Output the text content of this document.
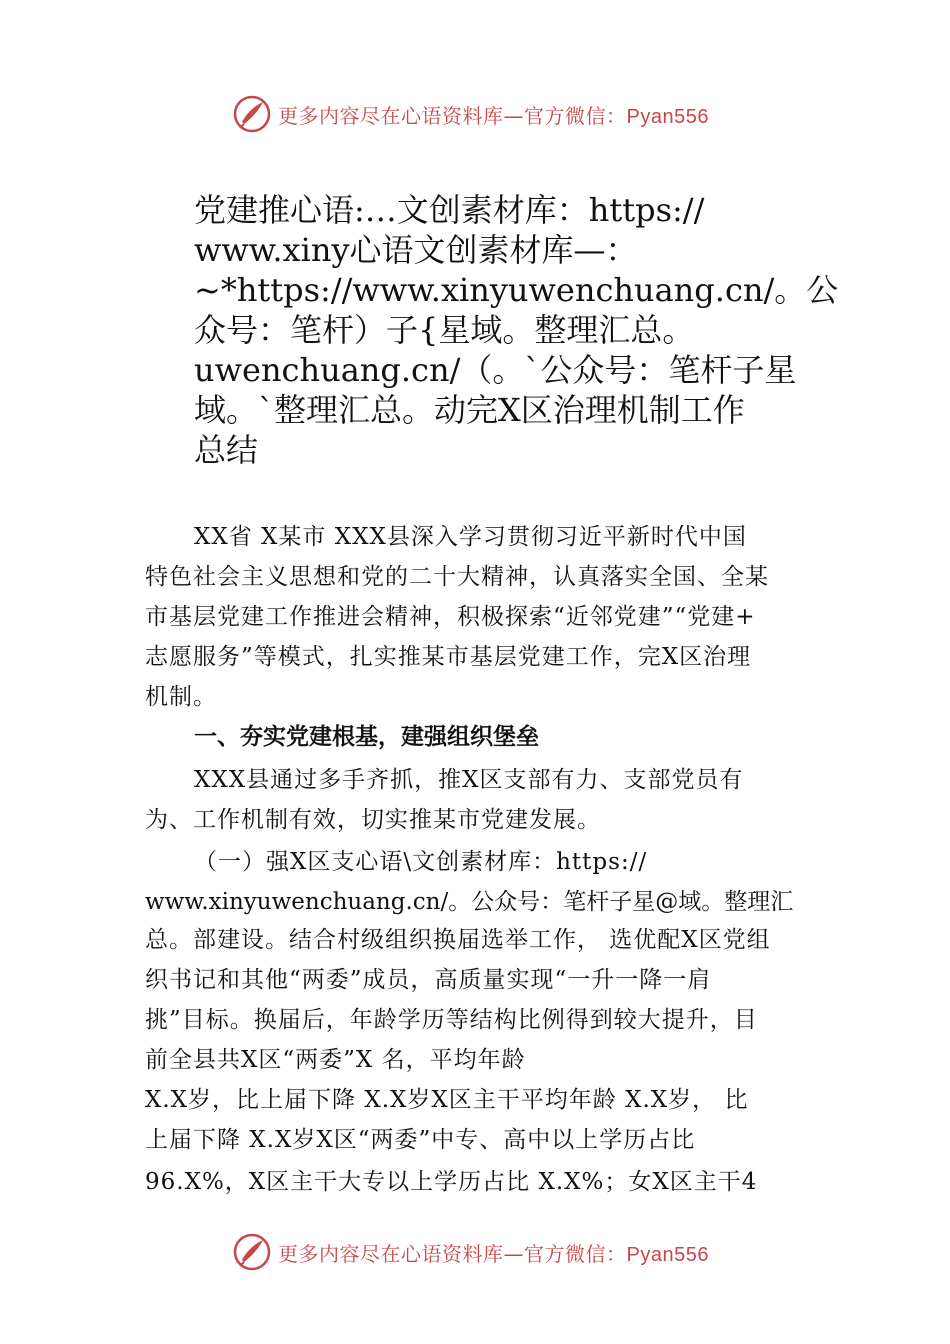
更多内容尽在心语资料库—官方微信：Pyan556
党建推心语:…文创素材库：https://
www.xiny心语文创素材库—：
~*https://www.xinyuwenchuang.cn/。公
众号：笔杆）子{星域。整理汇总。
uwenchuang.cn/（。`公众号：笔杆子星
域。`整理汇总。动完X区治理机制工作
总结
XX省 X某市 XXX县深入学习贯彻习近平新时代中国
特色社会主义思想和党的二十大精神，认真落实全国、全某
市基层党建工作推进会精神，积极探索“近邻党建”“党建+
志愿服务”等模式，扎实推某市基层党建工作，完X区治理
机制。
一、夯实党建根基，建强组织堡垒
XXX县通过多手齐抓，推X区支部有力、支部党员有
为、工作机制有效，切实推某市党建发展。
（一）强X区支心语\文创素材库：https://
www.xinyuwenchuang.cn/。公众号：笔杆子星@域。整理汇
总。部建设。结合村级组织换届选举工作， 选优配X区党组
织书记和其他“两委”成员，高质量实现“一升一降一肩
挑”目标。换届后，年龄学历等结构比例得到较大提升，目
前全县共X区“两委”X 名，平均年龄
X.X岁，比上届下降 X.X岁X区主干平均年龄 X.X岁， 比
上届下降 X.X岁X区“两委”中专、高中以上学历占比
96.X%，X区主干大专以上学历占比 X.X%；女X区主干4
更多内容尽在心语资料库—官方微信：Pyan556
